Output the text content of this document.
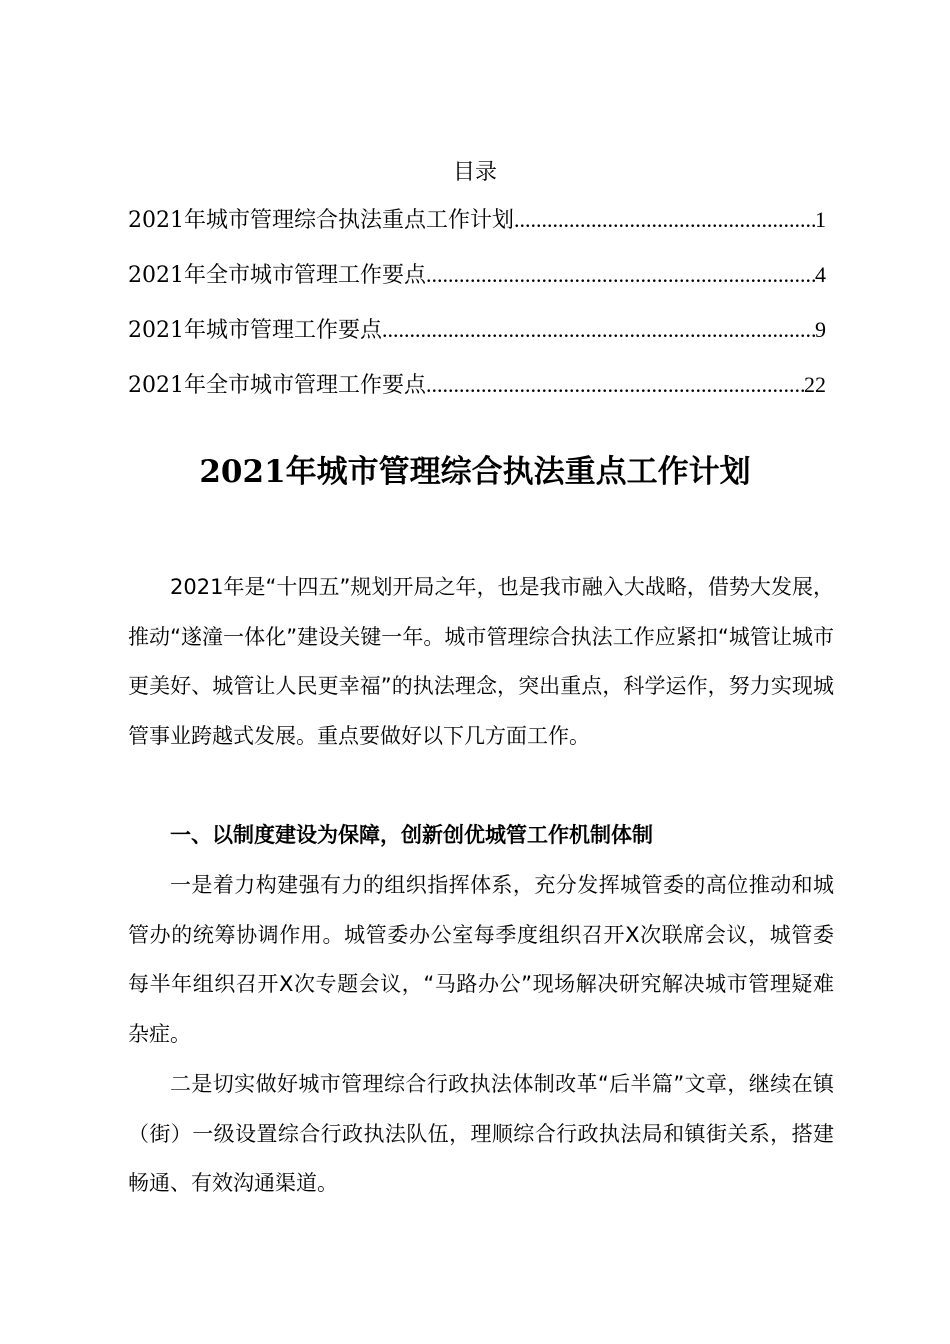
目录
2021年城市管理综合执法重点工作计划 .....	1
2021年全市城市管理工作要点 .....	4
2021年城市管理工作要点 .....	9
2021年全市城市管理工作要点 .....	22
2021年城市管理综合执法重点工作计划

2021年是“十四五”规划开局之年，也是我市融入大战略，借势大发展，推动“遂潼一体化”建设关键一年。城市管理综合执法工作应紧扣“城管让城市更美好、城管让人民更幸福”的执法理念，突出重点，科学运作，努力实现城管事业跨越式发展。重点要做好以下几方面工作。

一、以制度建设为保障，创新创优城管工作机制体制

一是着力构建强有力的组织指挥体系，充分发挥城管委的高位推动和城管办的统筹协调作用。城管委办公室每季度组织召开X次联席会议，城管委每半年组织召开X次专题会议，“马路办公”现场解决研究解决城市管理疑难杂症。

二是切实做好城市管理综合行政执法体制改革“后半篇”文章，继续在镇（街）一级设置综合行政执法队伍，理顺综合行政执法局和镇街关系，搭建畅通、有效沟通渠道。
